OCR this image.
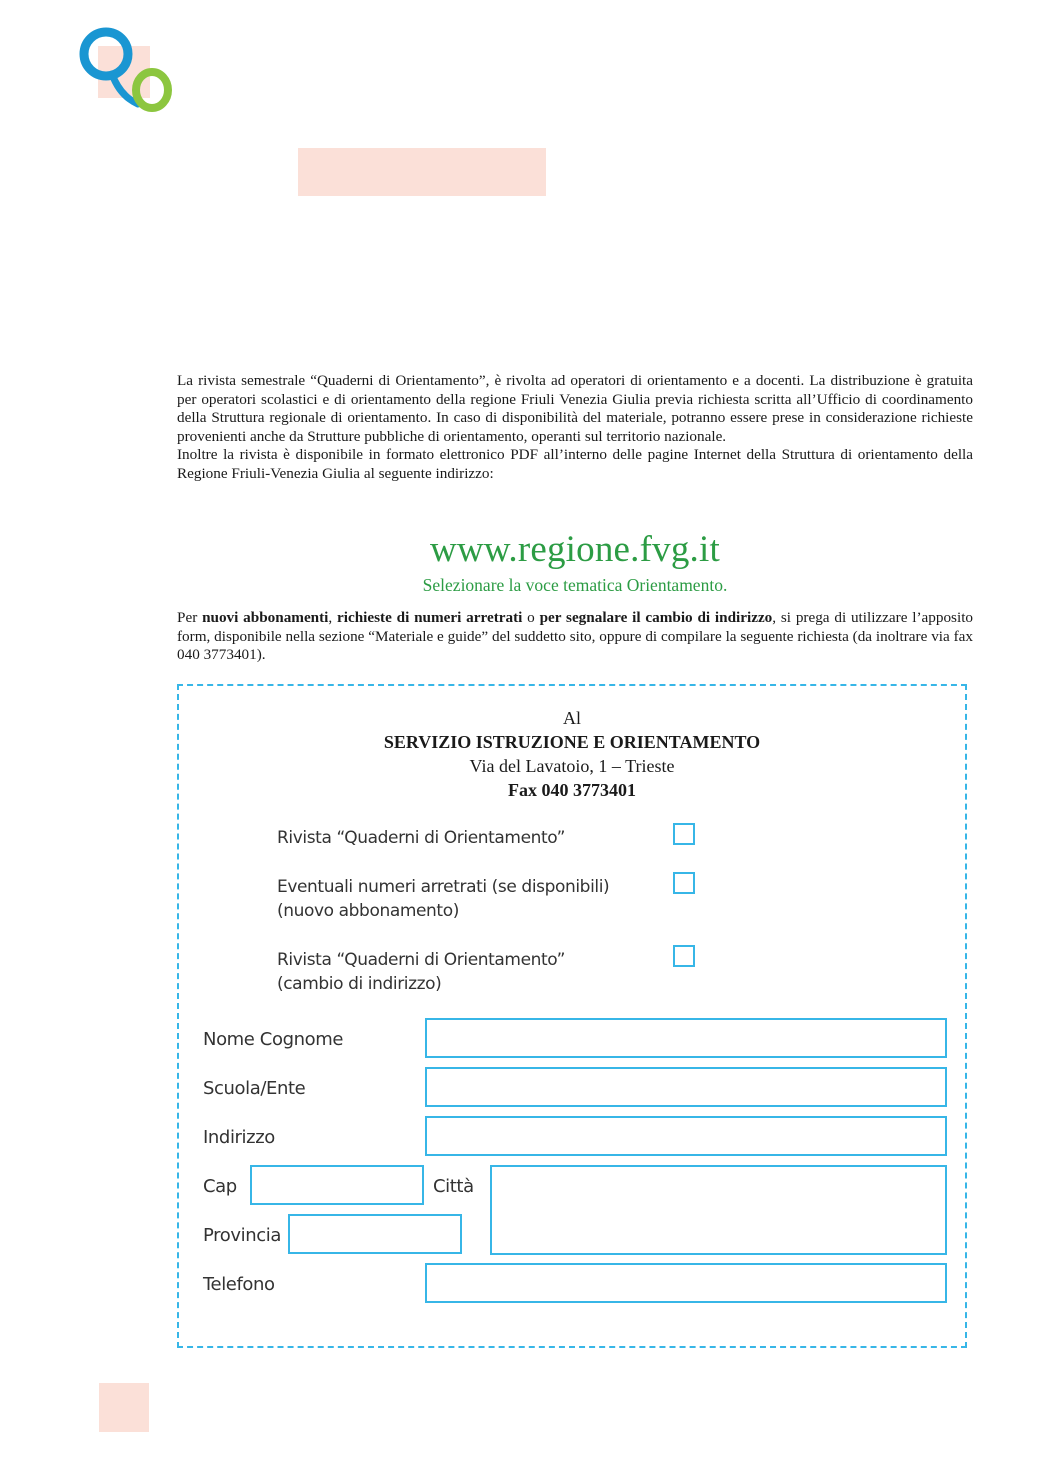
La rivista semestrale “Quaderni di Orientamento”, è rivolta ad operatori di orientamento e a docenti. La distribuzione è gratuita per operatori scolastici e di orientamento della regione Friuli Venezia Giulia previa richiesta scritta all’Ufficio di coordinamento della Struttura regionale di orientamento. In caso di disponibilità del materiale, potranno essere prese in considerazione richieste provenienti anche da Strutture pubbliche di orientamento, operanti sul territorio nazionale.

Inoltre la rivista è disponibile in formato elettronico PDF all’interno delle pagine Internet della Struttura di orientamento della Regione Friuli-Venezia Giulia al seguente indirizzo:

www.regione.fvg.it
Selezionare la voce tematica Orientamento.
Per nuovi abbonamenti, richieste di numeri arretrati o per segnalare il cambio di indirizzo, si prega di utilizzare l’apposito form, disponibile nella sezione “Materiale e guide” del suddetto sito, oppure di compilare la seguente richiesta (da inoltrare via fax 040 3773401).
Al
SERVIZIO ISTRUZIONE E ORIENTAMENTO
Via del Lavatoio, 1 – Trieste
Fax 040 3773401
Rivista “Quaderni di Orientamento”
Eventuali numeri arretrati (se disponibili)
(nuovo abbonamento)
Rivista “Quaderni di Orientamento”
(cambio di indirizzo)
Nome Cognome
Scuola/Ente
Indirizzo
Cap	Città
Provincia
Telefono
